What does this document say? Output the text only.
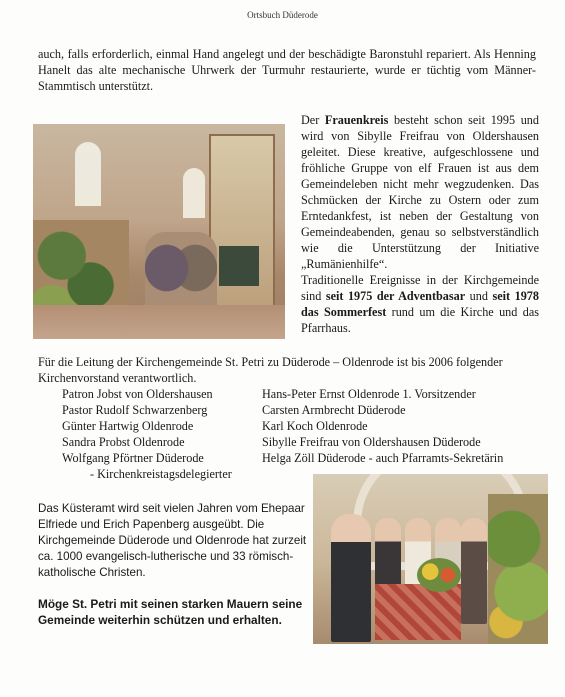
Ortsbuch Düderode

auch, falls erforderlich, einmal Hand angelegt und der beschädigte Baronstuhl repariert. Als Henning Hanelt das alte mechanische Uhrwerk der Turmuhr restaurierte, wurde er tüchtig vom Männer-Stammtisch unterstützt.

Der Frauenkreis besteht schon seit 1995 und wird von Sibylle Freifrau von Oldershausen geleitet. Diese kreative, aufgeschlossene und fröhliche Gruppe von elf Frauen ist aus dem Gemeindeleben nicht mehr wegzudenken. Das Schmücken der Kirche zu Ostern oder zum Erntedankfest, ist neben der Gestaltung von Gemeindeabenden, genau so selbstverständlich wie die Unterstützung der Initiative „Rumänienhilfe“.
Traditionelle Ereignisse in der Kirchgemeinde sind seit 1975 der Adventbasar und seit 1978 das Sommerfest rund um die Kirche und das Pfarrhaus.

Für die Leitung der Kirchengemeinde St. Petri zu Düderode – Oldenrode ist bis 2006 folgender Kirchenvorstand verantwortlich.

Patron Jobst von Oldershausen
Pastor Rudolf Schwarzenberg
Günter Hartwig Oldenrode
Sandra Probst Oldenrode
Wolfgang Pförtner Düderode
- Kirchenkreistagsdelegierter
Hans-Peter Ernst Oldenrode 1. Vorsitzender
Carsten Armbrecht Düderode
Karl Koch Oldenrode
Sibylle Freifrau von Oldershausen Düderode
Helga Zöll Düderode - auch Pfarramts-Sekretärin

Das Küsteramt wird seit vielen Jahren vom Ehepaar Elfriede und Erich Papenberg ausgeübt. Die Kirchgemeinde Düderode und Oldenrode hat zurzeit ca. 1000 evangelisch-lutherische und 33 römisch-katholische Christen.

Möge St. Petri mit seinen starken Mauern seine Gemeinde weiterhin schützen und erhalten.
